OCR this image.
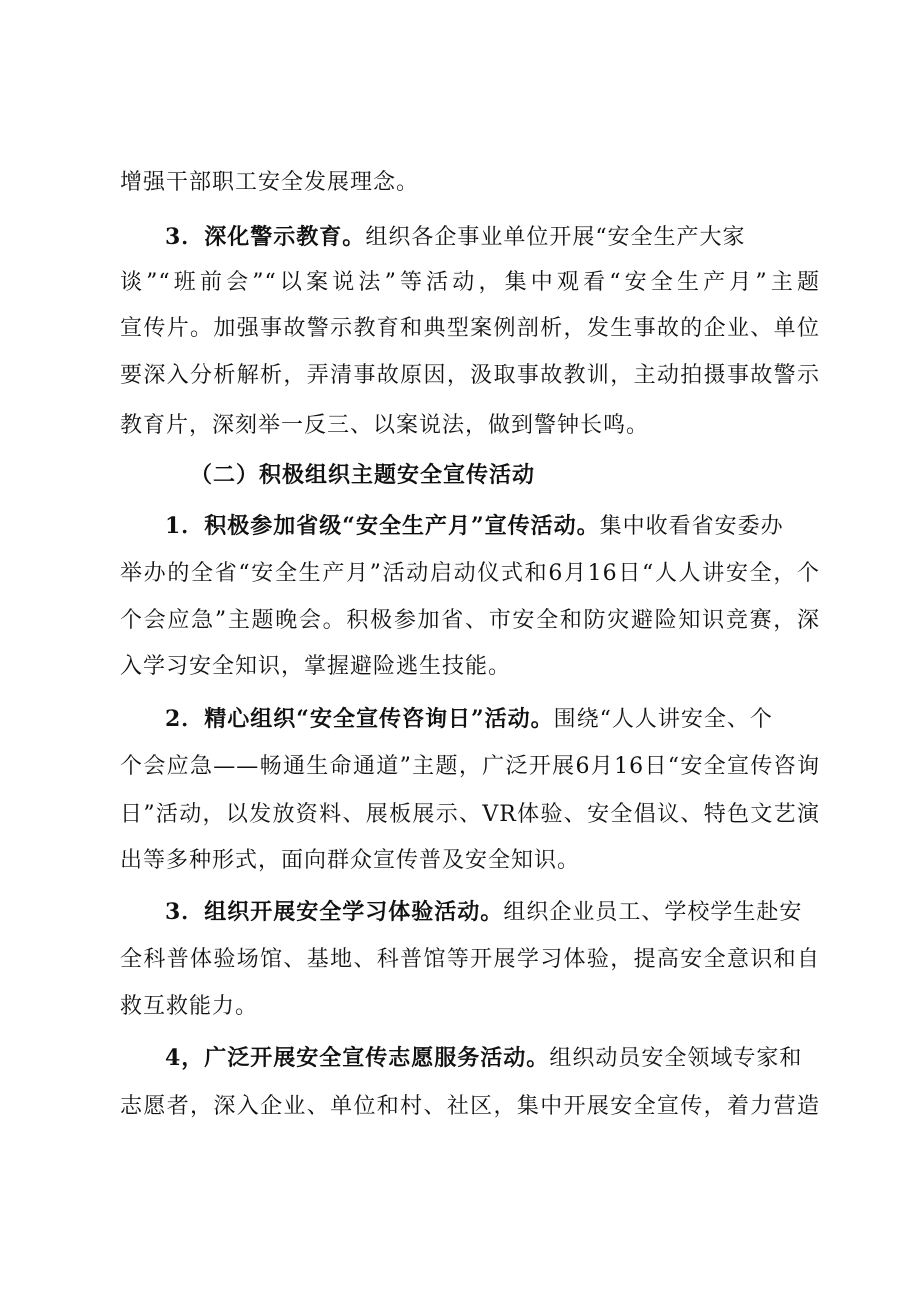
增强干部职工安全发展理念。
3．深化警示教育。组织各企事业单位开展“安全生产大家
谈”“班前会”“以案说法”等活动，集中观看“安全生产月”主题
宣传片。加强事故警示教育和典型案例剖析，发生事故的企业、单位
要深入分析解析，弄清事故原因，汲取事故教训，主动拍摄事故警示
教育片，深刻举一反三、以案说法，做到警钟长鸣。
（二）积极组织主题安全宣传活动
1．积极参加省级“安全生产月”宣传活动。集中收看省安委办
举办的全省“安全生产月”活动启动仪式和6月16日“人人讲安全，个
个会应急”主题晚会。积极参加省、市安全和防灾避险知识竞赛，深
入学习安全知识，掌握避险逃生技能。
2．精心组织“安全宣传咨询日”活动。围绕“人人讲安全、个
个会应急——畅通生命通道”主题，广泛开展6月16日“安全宣传咨询
日”活动，以发放资料、展板展示、VR体验、安全倡议、特色文艺演
出等多种形式，面向群众宣传普及安全知识。
3．组织开展安全学习体验活动。组织企业员工、学校学生赴安
全科普体验场馆、基地、科普馆等开展学习体验，提高安全意识和自
救互救能力。
4，广泛开展安全宣传志愿服务活动。组织动员安全领域专家和
志愿者，深入企业、单位和村、社区，集中开展安全宣传，着力营造
